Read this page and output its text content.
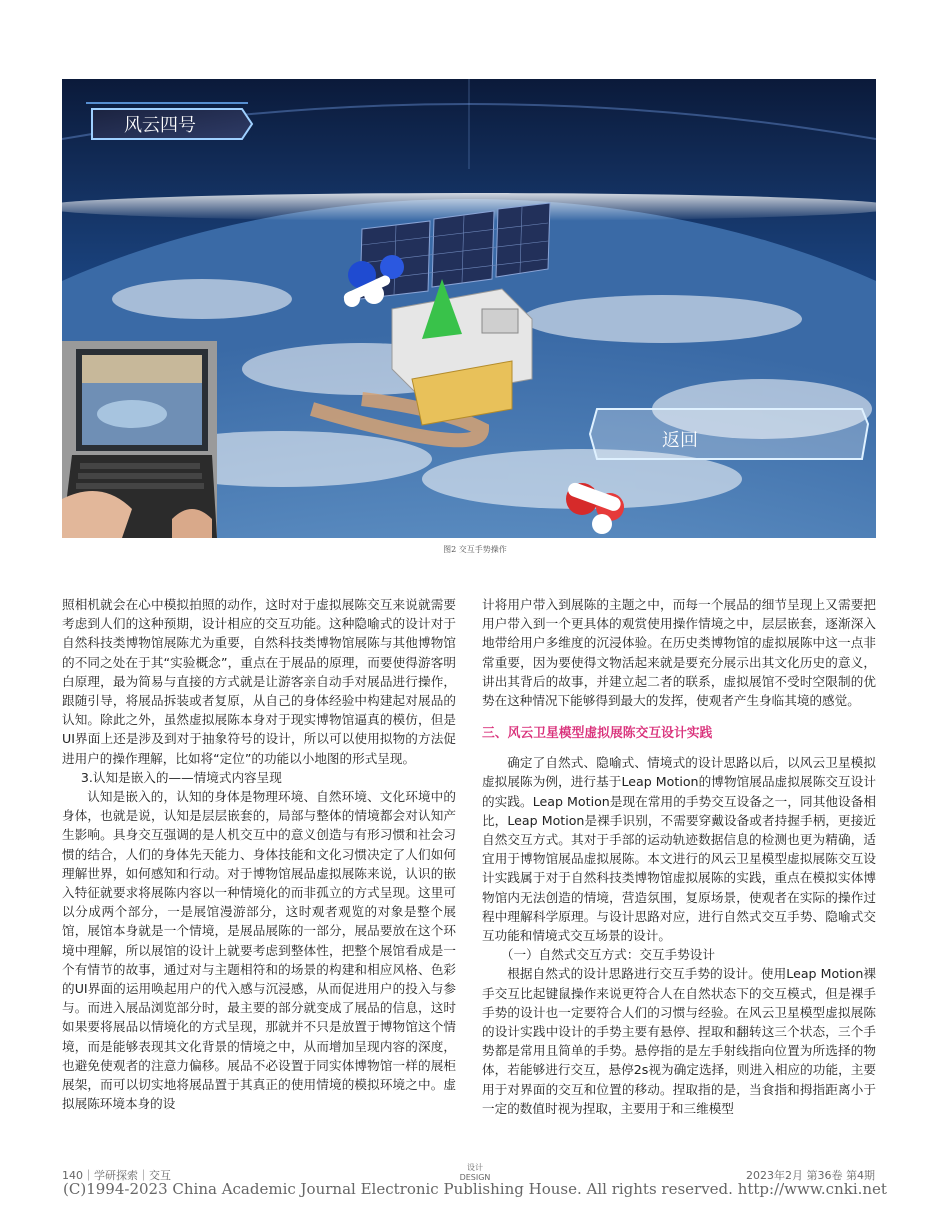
风云四号
返回
图2 交互手势操作

照相机就会在心中模拟拍照的动作，这时对于虚拟展陈交互来说就需要考虑到人们的这种预期，设计相应的交互功能。这种隐喻式的设计对于自然科技类博物馆展陈尤为重要，自然科技类博物馆展陈与其他博物馆的不同之处在于其“实验概念”，重点在于展品的原理，而要使得游客明白原理，最为简易与直接的方式就是让游客亲自动手对展品进行操作，跟随引导，将展品拆装或者复原，从自己的身体经验中构建起对展品的认知。除此之外，虽然虚拟展陈本身对于现实博物馆逼真的模仿，但是UI界面上还是涉及到对于抽象符号的设计，所以可以使用拟物的方法促进用户的操作理解，比如将“定位”的功能以小地图的形式呈现。

3.认知是嵌入的——情境式内容呈现

认知是嵌入的，认知的身体是物理环境、自然环境、文化环境中的身体，也就是说，认知是层层嵌套的，局部与整体的情境都会对认知产生影响。具身交互强调的是人机交互中的意义创造与有形习惯和社会习惯的结合，人们的身体先天能力、身体技能和文化习惯决定了人们如何理解世界，如何感知和行动。对于博物馆展品虚拟展陈来说，认识的嵌入特征就要求将展陈内容以一种情境化的而非孤立的方式呈现。这里可以分成两个部分，一是展馆漫游部分，这时观者观览的对象是整个展馆，展馆本身就是一个情境，是展品展陈的一部分，展品要放在这个环境中理解，所以展馆的设计上就要考虑到整体性，把整个展馆看成是一个有情节的故事，通过对与主题相符和的场景的构建和相应风格、色彩的UI界面的运用唤起用户的代入感与沉浸感，从而促进用户的投入与参与。而进入展品浏览部分时，最主要的部分就变成了展品的信息，这时如果要将展品以情境化的方式呈现，那就并不只是放置于博物馆这个情境，而是能够表现其文化背景的情境之中，从而增加呈现内容的深度，也避免使观者的注意力偏移。展品不必设置于同实体博物馆一样的展柜展架，而可以切实地将展品置于其真正的使用情境的模拟环境之中。虚拟展陈环境本身的设

计将用户带入到展陈的主题之中，而每一个展品的细节呈现上又需要把用户带入到一个更具体的观赏使用操作情境之中，层层嵌套，逐渐深入地带给用户多维度的沉浸体验。在历史类博物馆的虚拟展陈中这一点非常重要，因为要使得文物活起来就是要充分展示出其文化历史的意义，讲出其背后的故事，并建立起二者的联系，虚拟展馆不受时空限制的优势在这种情况下能够得到最大的发挥，使观者产生身临其境的感觉。

三、风云卫星模型虚拟展陈交互设计实践

确定了自然式、隐喻式、情境式的设计思路以后，以风云卫星模拟虚拟展陈为例，进行基于Leap Motion的博物馆展品虚拟展陈交互设计的实践。Leap Motion是现在常用的手势交互设备之一，同其他设备相比，Leap Motion是裸手识别，不需要穿戴设备或者持握手柄，更接近自然交互方式。其对于手部的运动轨迹数据信息的检测也更为精确，适宜用于博物馆展品虚拟展陈。本文进行的风云卫星模型虚拟展陈交互设计实践属于对于自然科技类博物馆虚拟展陈的实践，重点在模拟实体博物馆内无法创造的情境，营造氛围，复原场景，使观者在实际的操作过程中理解科学原理。与设计思路对应，进行自然式交互手势、隐喻式交互功能和情境式交互场景的设计。

（一）自然式交互方式：交互手势设计

根据自然式的设计思路进行交互手势的设计。使用Leap Motion裸手交互比起键鼠操作来说更符合人在自然状态下的交互模式，但是裸手手势的设计也一定要符合人们的习惯与经验。在风云卫星模型虚拟展陈的设计实践中设计的手势主要有悬停、捏取和翻转这三个状态，三个手势都是常用且简单的手势。悬停指的是左手射线指向位置为所选择的物体，若能够进行交互，悬停2s视为确定选择，则进入相应的功能，主要用于对界面的交互和位置的移动。捏取指的是，当食指和拇指距离小于一定的数值时视为捏取，主要用于和三维模型

140｜学研探索｜交互
设计
DESIGN	2023年2月 第36卷 第4期
(C)1994-2023 China Academic Journal Electronic Publishing House. All rights reserved. http://www.cnki.net
